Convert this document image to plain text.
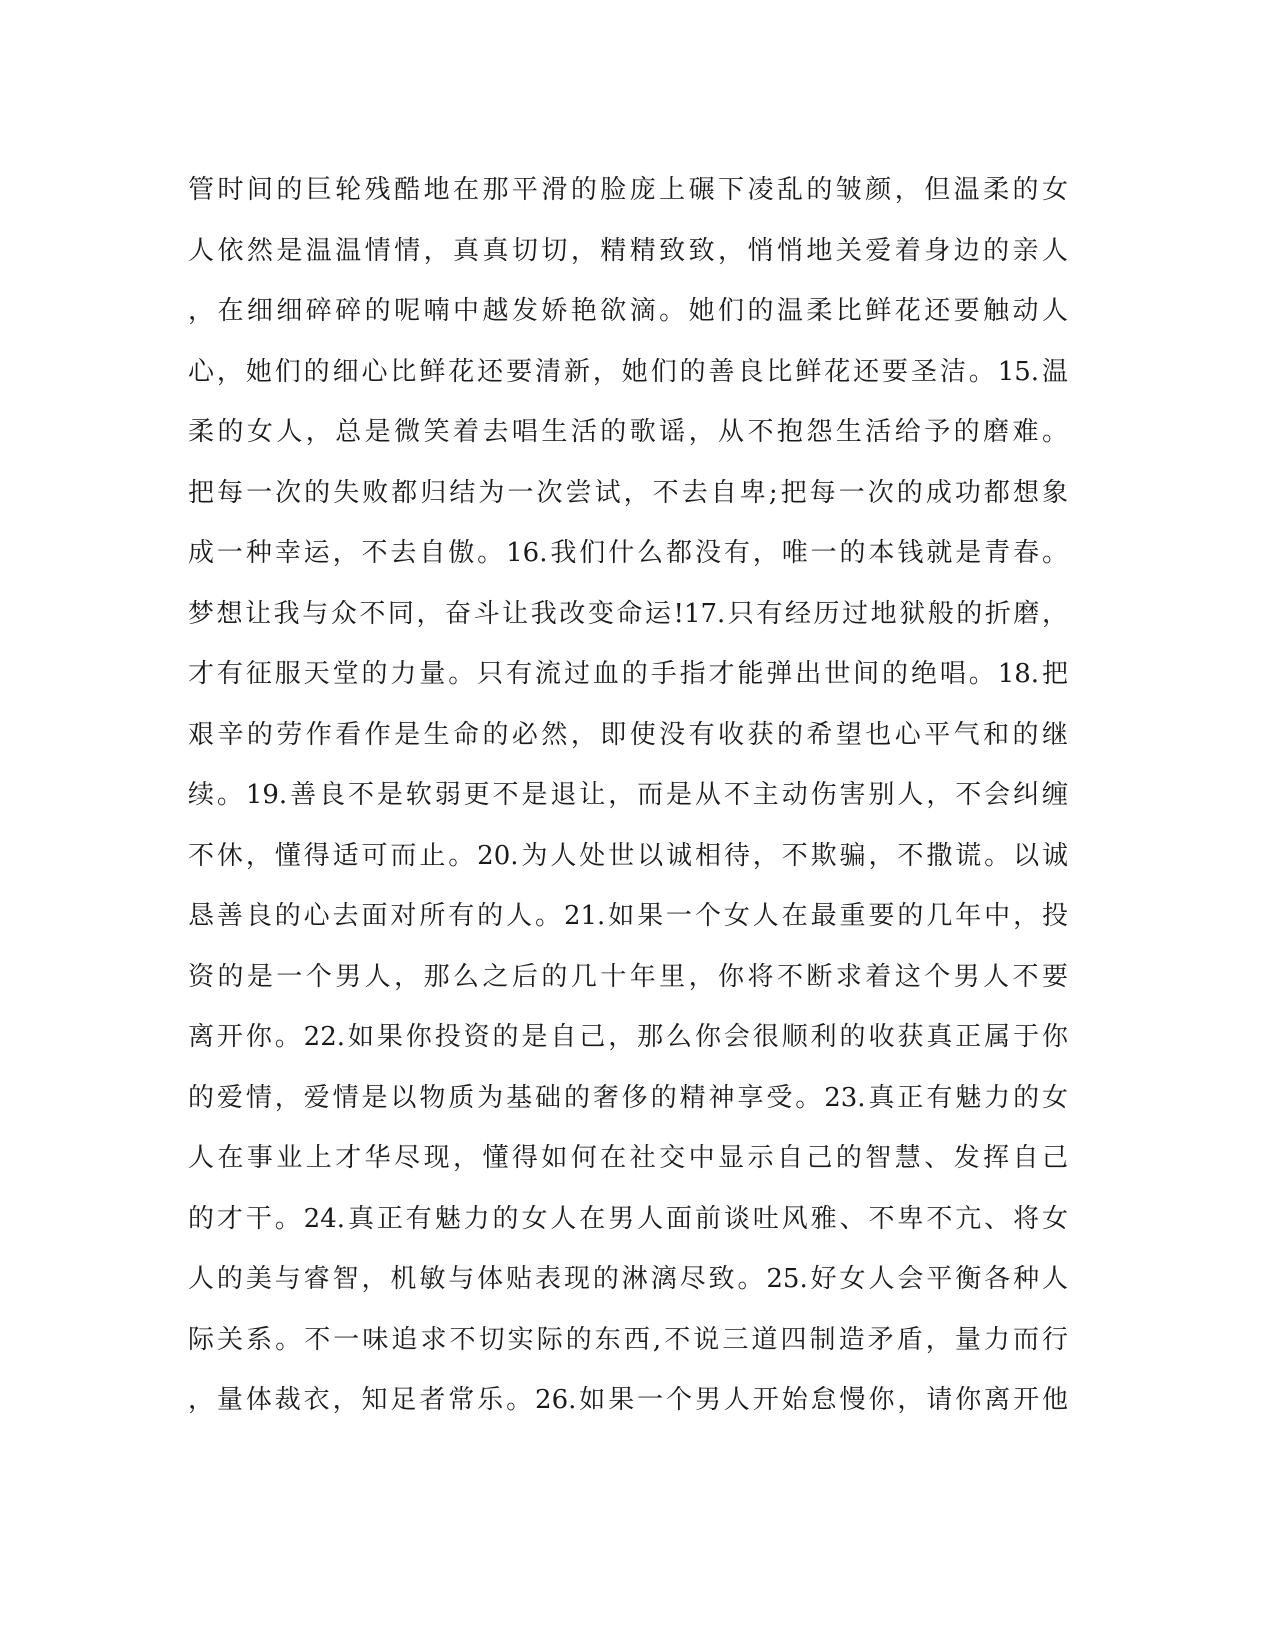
管时间的巨轮残酷地在那平滑的脸庞上碾下凌乱的皱颜，但温柔的女
人依然是温温情情，真真切切，精精致致，悄悄地关爱着身边的亲人
，在细细碎碎的呢喃中越发娇艳欲滴。她们的温柔比鲜花还要触动人
心，她们的细心比鲜花还要清新，她们的善良比鲜花还要圣洁。15.温
柔的女人，总是微笑着去唱生活的歌谣，从不抱怨生活给予的磨难。
把每一次的失败都归结为一次尝试，不去自卑;把每一次的成功都想象
成一种幸运，不去自傲。16.我们什么都没有，唯一的本钱就是青春。
梦想让我与众不同，奋斗让我改变命运!17.只有经历过地狱般的折磨，
才有征服天堂的力量。只有流过血的手指才能弹出世间的绝唱。18.把
艰辛的劳作看作是生命的必然，即使没有收获的希望也心平气和的继
续。19.善良不是软弱更不是退让，而是从不主动伤害别人，不会纠缠
不休，懂得适可而止。20.为人处世以诚相待，不欺骗，不撒谎。以诚
恳善良的心去面对所有的人。21.如果一个女人在最重要的几年中，投
资的是一个男人，那么之后的几十年里，你将不断求着这个男人不要
离开你。22.如果你投资的是自己，那么你会很顺利的收获真正属于你
的爱情，爱情是以物质为基础的奢侈的精神享受。23.真正有魅力的女
人在事业上才华尽现，懂得如何在社交中显示自己的智慧、发挥自己
的才干。24.真正有魅力的女人在男人面前谈吐风雅、不卑不亢、将女
人的美与睿智，机敏与体贴表现的淋漓尽致。25.好女人会平衡各种人
际关系。不一味追求不切实际的东西,不说三道四制造矛盾，量力而行
，量体裁衣，知足者常乐。26.如果一个男人开始怠慢你，请你离开他
